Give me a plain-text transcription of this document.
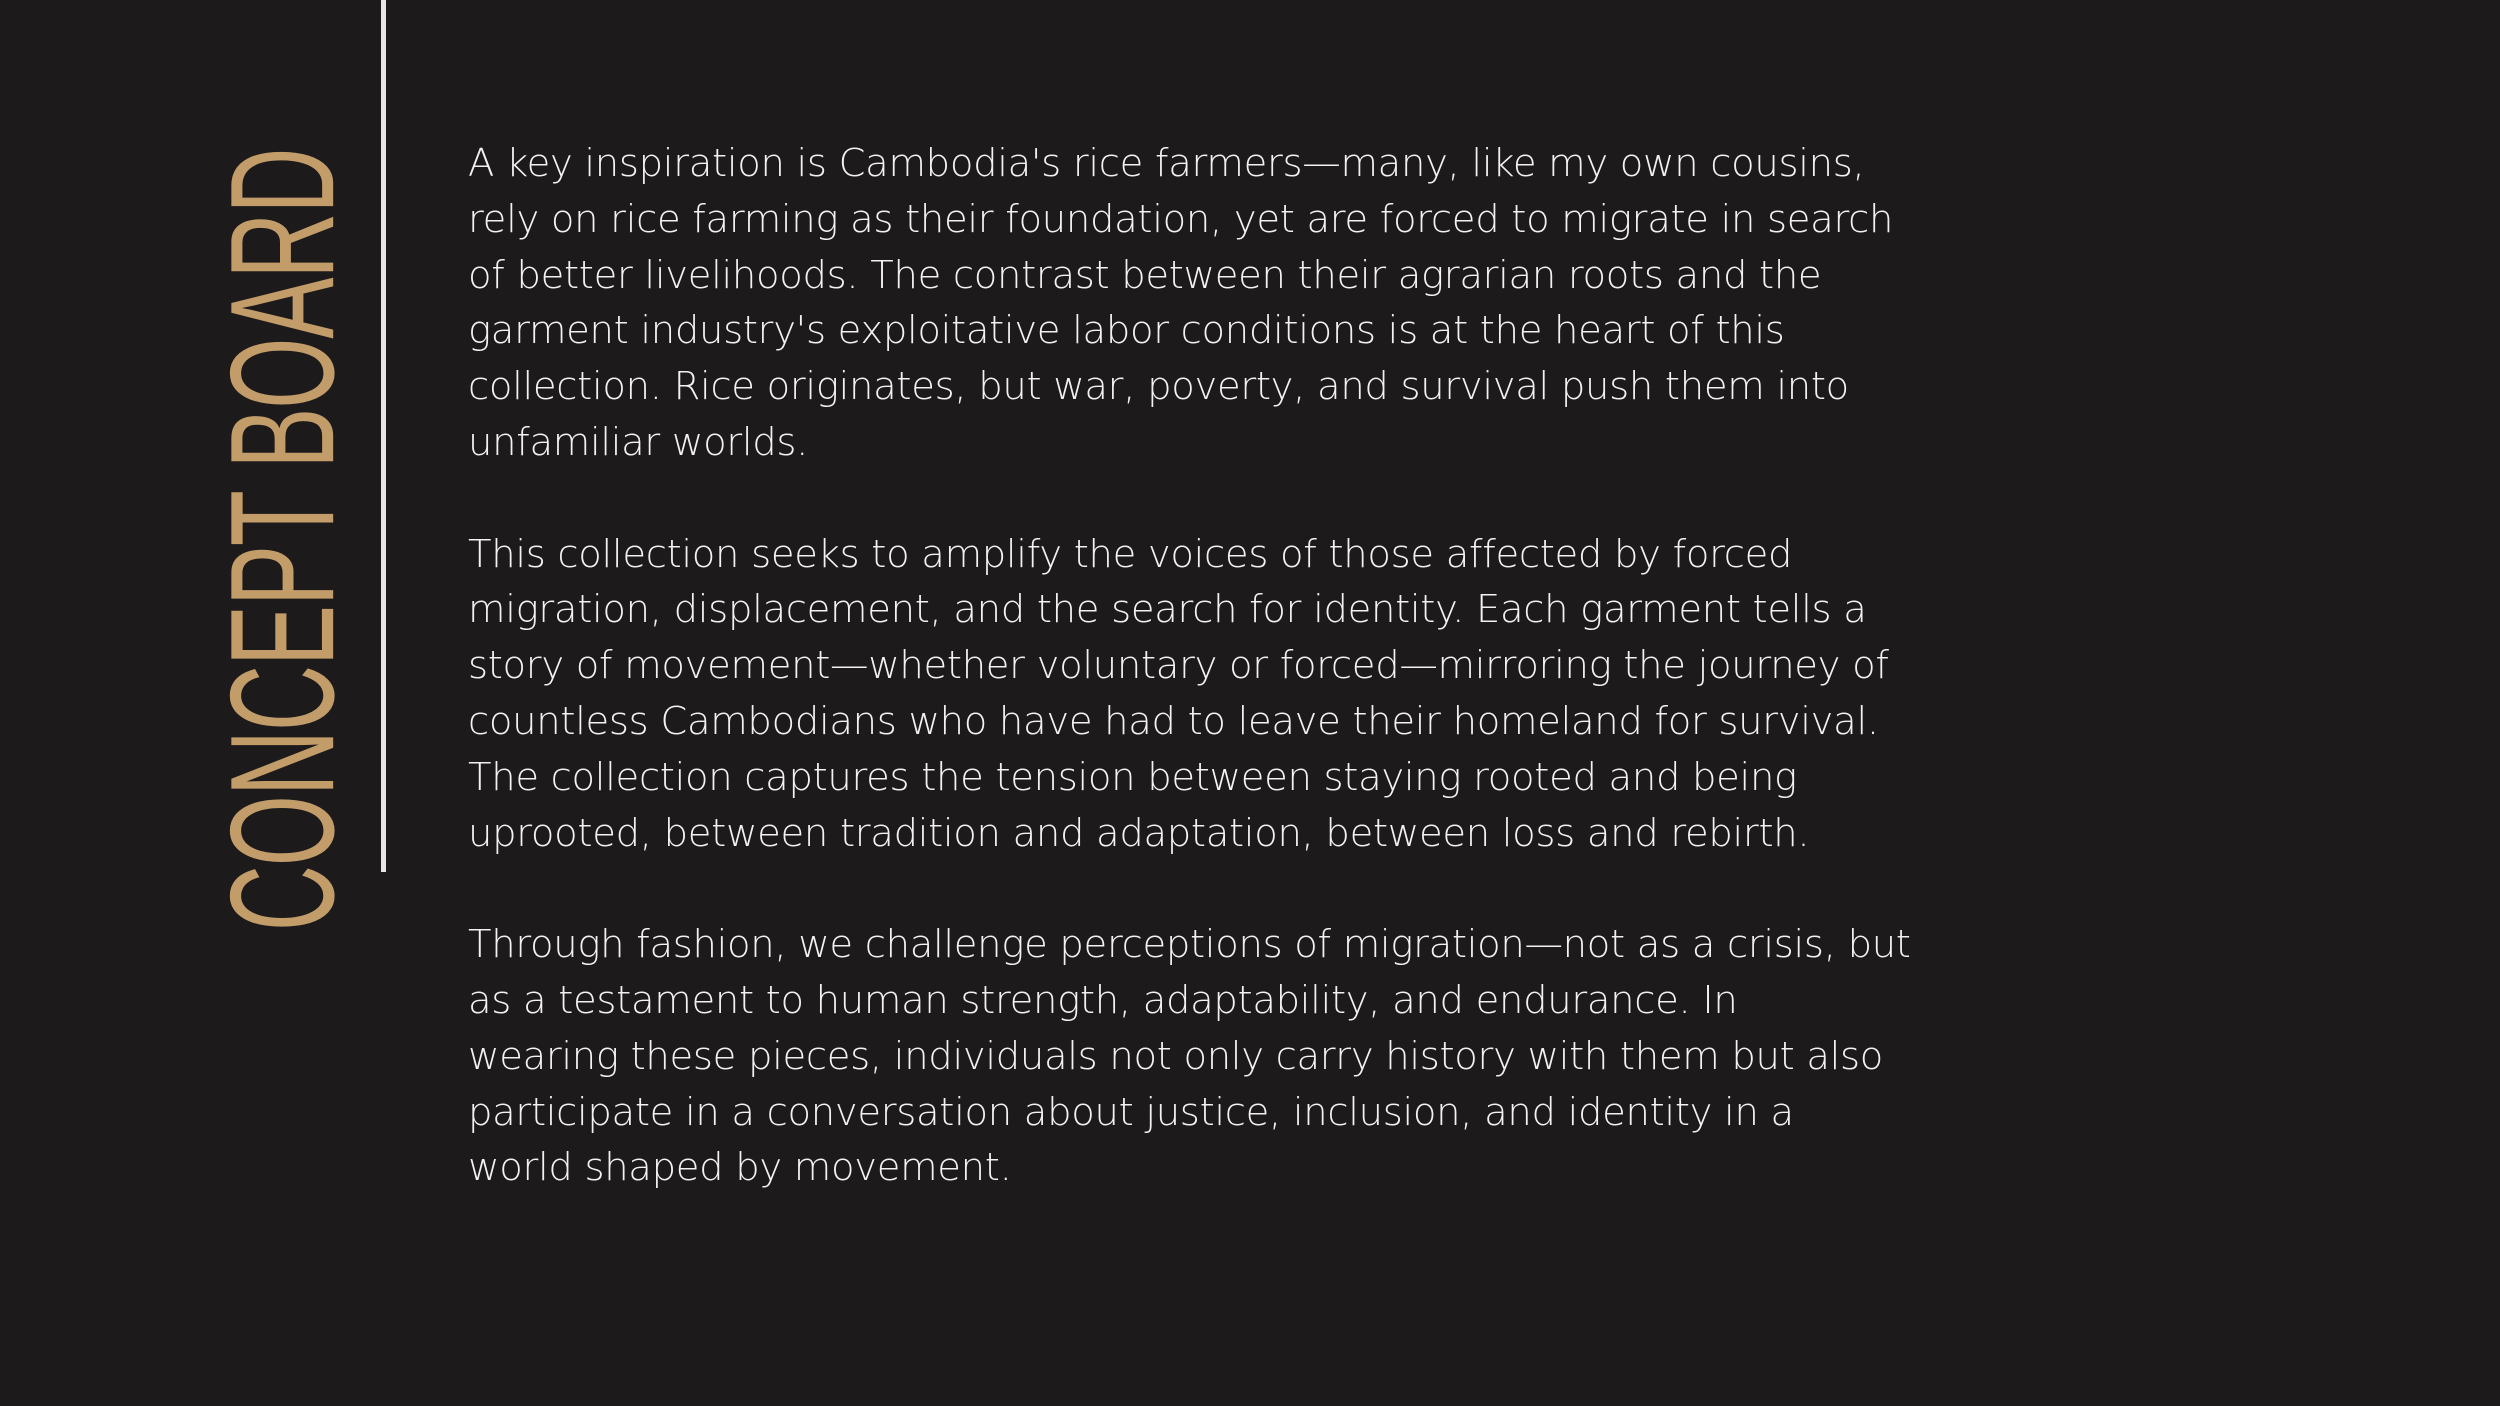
CONCEPT BOARD	A key inspiration is Cambodia's rice farmers—many, like my own cousins,
rely on rice farming as their foundation, yet are forced to migrate in search
of better livelihoods. The contrast between their agrarian roots and the
garment industry's exploitative labor conditions is at the heart of this
collection. Rice originates, but war, poverty, and survival push them into
unfamiliar worlds.

This collection seeks to amplify the voices of those affected by forced
migration, displacement, and the search for identity. Each garment tells a
story of movement—whether voluntary or forced—mirroring the journey of
countless Cambodians who have had to leave their homeland for survival.
The collection captures the tension between staying rooted and being
uprooted, between tradition and adaptation, between loss and rebirth.

Through fashion, we challenge perceptions of migration—not as a crisis, but
as a testament to human strength, adaptability, and endurance. In
wearing these pieces, individuals not only carry history with them but also
participate in a conversation about justice, inclusion, and identity in a
world shaped by movement.
